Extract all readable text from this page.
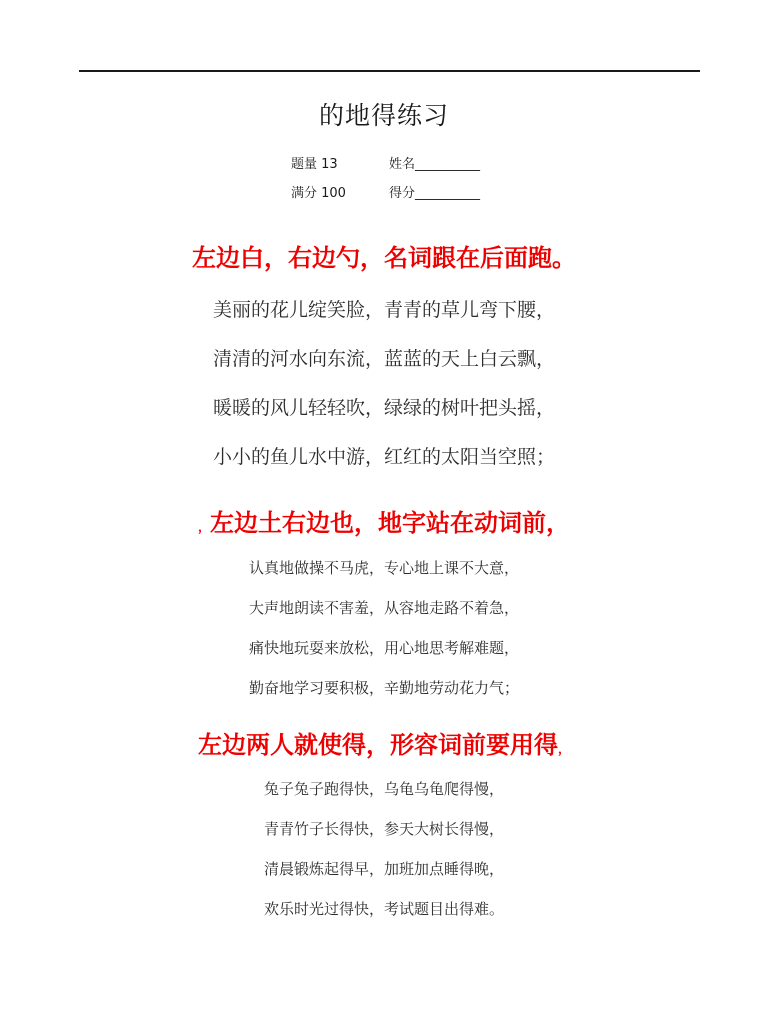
的地得练习
题量 13	姓名__________
满分 100	得分__________
左边白，右边勺，名词跟在后面跑。
美丽的花儿绽笑脸，青青的草儿弯下腰，
清清的河水向东流，蓝蓝的天上白云飘，
暖暖的风儿轻轻吹，绿绿的树叶把头摇，
小小的鱼儿水中游，红红的太阳当空照；
，左边土右边也，地字站在动词前，
认真地做操不马虎，专心地上课不大意，
大声地朗读不害羞，从容地走路不着急，
痛快地玩耍来放松，用心地思考解难题，
勤奋地学习要积极，辛勤地劳动花力气；
左边两人就使得，形容词前要用得，
兔子兔子跑得快，乌龟乌龟爬得慢，
青青竹子长得快，参天大树长得慢，
清晨锻炼起得早，加班加点睡得晚，
欢乐时光过得快，考试题目出得难。
